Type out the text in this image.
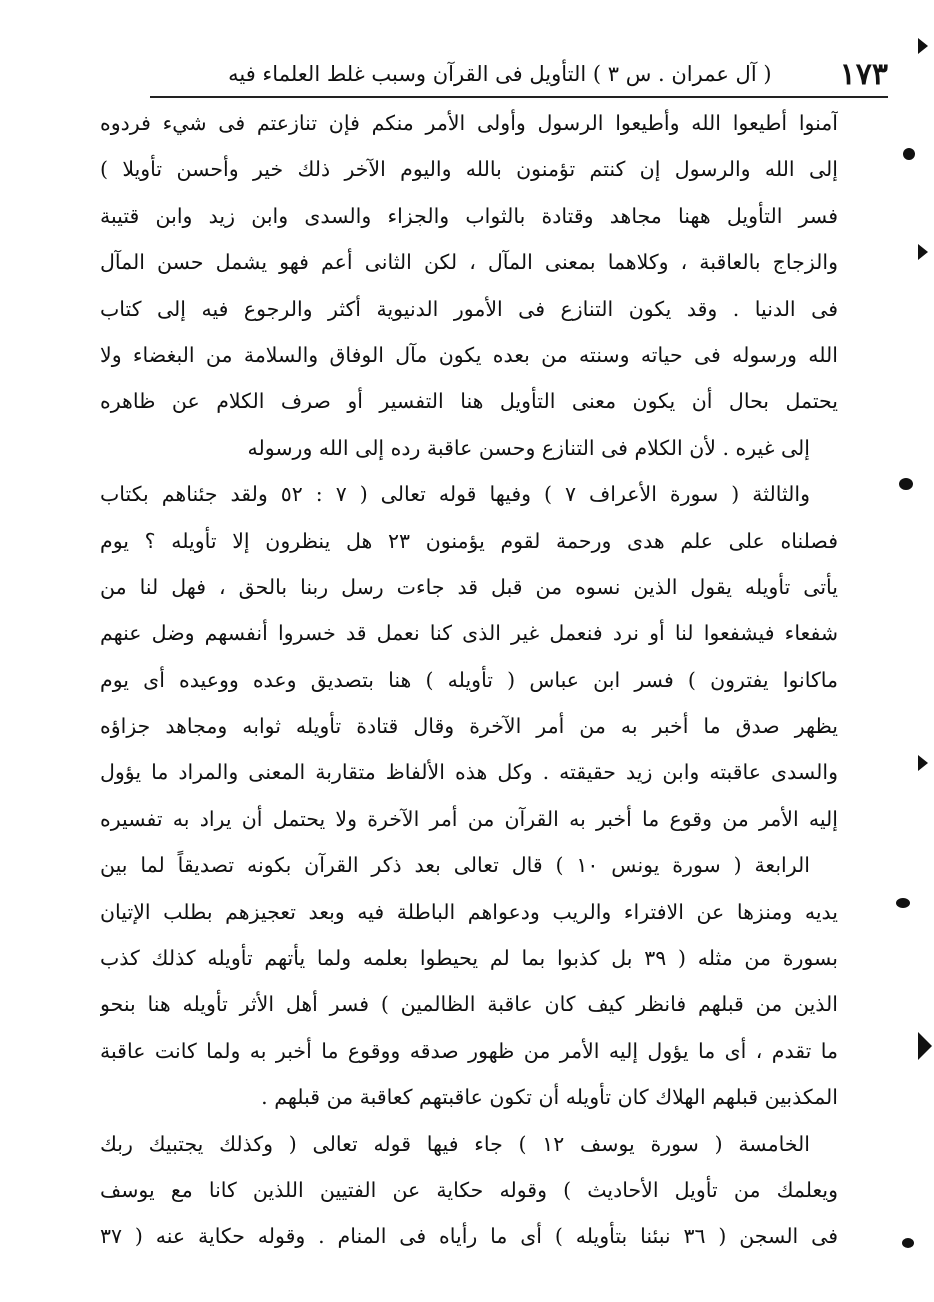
١٧٣
( آل عمران . س ٣ ) التأويل فى القرآن وسبب غلط العلماء فيه
آمنوا أطيعوا الله وأطيعوا الرسول وأولى الأمر منكم فإن تنازعتم فى شيء فردوه
إلى الله والرسول إن كنتم تؤمنون بالله واليوم الآخر ذلك خير وأحسن تأويلا )
فسر التأويل ههنا مجاهد وقتادة بالثواب والجزاء والسدى وابن زيد وابن قتيبة
والزجاج بالعاقبة ، وكلاهما بمعنى المآل ، لكن الثانى أعم فهو يشمل حسن المآل
فى الدنيا . وقد يكون التنازع فى الأمور الدنيوية أكثر والرجوع فيه إلى كتاب
الله ورسوله فى حياته وسنته من بعده يكون مآل الوفاق والسلامة من البغضاء ولا
يحتمل بحال أن يكون معنى التأويل هنا التفسير أو صرف الكلام عن ظاهره
إلى غيره . لأن الكلام فى التنازع وحسن عاقبة رده إلى الله ورسوله
والثالثة ( سورة الأعراف ٧ ) وفيها قوله تعالى ( ٧ : ٥٢ ولقد جئناهم بكتاب
فصلناه على علم هدى ورحمة لقوم يؤمنون ٢٣ هل ينظرون إلا تأويله ؟ يوم
يأتى تأويله يقول الذين نسوه من قبل قد جاءت رسل ربنا بالحق ، فهل لنا من
شفعاء فيشفعوا لنا أو نرد فنعمل غير الذى كنا نعمل قد خسروا أنفسهم وضل عنهم
ماكانوا يفترون ) فسر ابن عباس ( تأويله ) هنا بتصديق وعده ووعيده أى يوم
يظهر صدق ما أخبر به من أمر الآخرة وقال قتادة تأويله ثوابه ومجاهد جزاؤه
والسدى عاقبته وابن زيد حقيقته . وكل هذه الألفاظ متقاربة المعنى والمراد ما يؤول
إليه الأمر من وقوع ما أخبر به القرآن من أمر الآخرة ولا يحتمل أن يراد به تفسيره
الرابعة ( سورة يونس ١٠ ) قال تعالى بعد ذكر القرآن بكونه تصديقاً لما بين
يديه ومنزها عن الافتراء والريب ودعواهم الباطلة فيه وبعد تعجيزهم بطلب الإتيان
بسورة من مثله ( ٣٩ بل كذبوا بما لم يحيطوا بعلمه ولما يأتهم تأويله كذلك كذب
الذين من قبلهم فانظر كيف كان عاقبة الظالمين ) فسر أهل الأثر تأويله هنا بنحو
ما تقدم ، أى ما يؤول إليه الأمر من ظهور صدقه ووقوع ما أخبر به ولما كانت عاقبة
المكذبين قبلهم الهلاك كان تأويله أن تكون عاقبتهم كعاقبة من قبلهم .
الخامسة ( سورة يوسف ١٢ ) جاء فيها قوله تعالى ( وكذلك يجتبيك ربك
ويعلمك من تأويل الأحاديث ) وقوله حكاية عن الفتيين اللذين كانا مع يوسف
فى السجن ( ٣٦ نبئنا بتأويله ) أى ما رأياه فى المنام . وقوله حكاية عنه ( ٣٧
